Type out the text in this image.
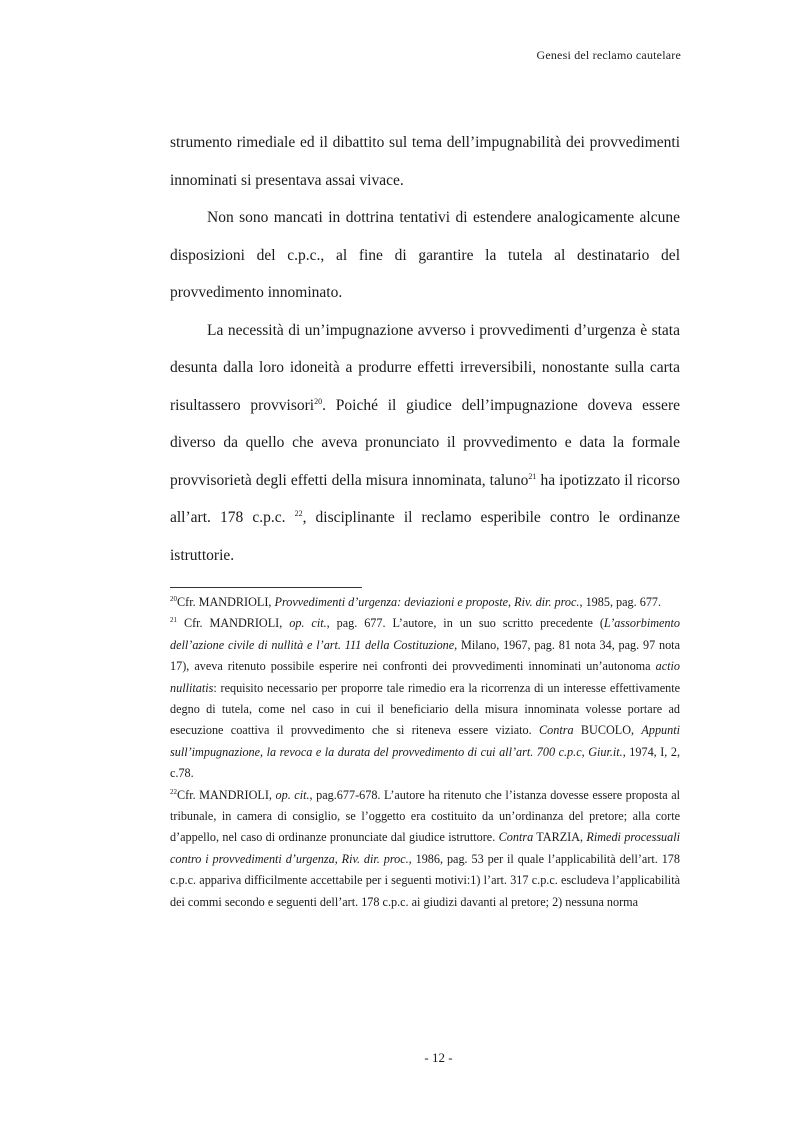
Genesi del reclamo cautelare

strumento rimediale ed il dibattito sul tema dell’impugnabilità dei provvedimenti innominati si presentava assai vivace.

Non sono mancati in dottrina tentativi di estendere analogicamente alcune disposizioni del c.p.c., al fine di garantire la tutela al destinatario del provvedimento innominato.

La necessità di un’impugnazione avverso i provvedimenti d’urgenza è stata desunta dalla loro idoneità a produrre effetti irreversibili, nonostante sulla carta risultassero provvisori$^{20}$. Poiché il giudice dell’impugnazione doveva essere diverso da quello che aveva pronunciato il provvedimento e data la formale provvisorietà degli effetti della misura innominata, taluno$^{21}$ ha ipotizzato il ricorso all’art. 178 c.p.c. $^{22}$, disciplinante il reclamo esperibile contro le ordinanze istruttorie.

$^{20}$Cfr. MANDRIOLI, Provvedimenti d’urgenza: deviazioni e proposte, Riv. dir. proc., 1985, pag. 677.

$^{21}$ Cfr. MANDRIOLI, op. cit., pag. 677. L’autore, in un suo scritto precedente (L’assorbimento dell’azione civile di nullità e l’art. 111 della Costituzione, Milano, 1967, pag. 81 nota 34, pag. 97 nota 17), aveva ritenuto possibile esperire nei confronti dei provvedimenti innominati un’autonoma actio nullitatis: requisito necessario per proporre tale rimedio era la ricorrenza di un interesse effettivamente degno di tutela, come nel caso in cui il beneficiario della misura innominata volesse portare ad esecuzione coattiva il provvedimento che si riteneva essere viziato. Contra BUCOLO, Appunti sull’impugnazione, la revoca e la durata del provvedimento di cui all’art. 700 c.p.c, Giur.it., 1974, I, 2, c.78.

$^{22}$Cfr. MANDRIOLI, op. cit., pag.677-678. L’autore ha ritenuto che l’istanza dovesse essere proposta al tribunale, in camera di consiglio, se l’oggetto era costituito da un’ordinanza del pretore; alla corte d’appello, nel caso di ordinanze pronunciate dal giudice istruttore. Contra TARZIA, Rimedi processuali contro i provvedimenti d’urgenza, Riv. dir. proc., 1986, pag. 53 per il quale l’applicabilità dell’art. 178 c.p.c. appariva difficilmente accettabile per i seguenti motivi:1) l’art. 317 c.p.c. escludeva l’applicabilità dei commi secondo e seguenti dell’art. 178 c.p.c. ai giudizi davanti al pretore; 2) nessuna norma

- 12 -
